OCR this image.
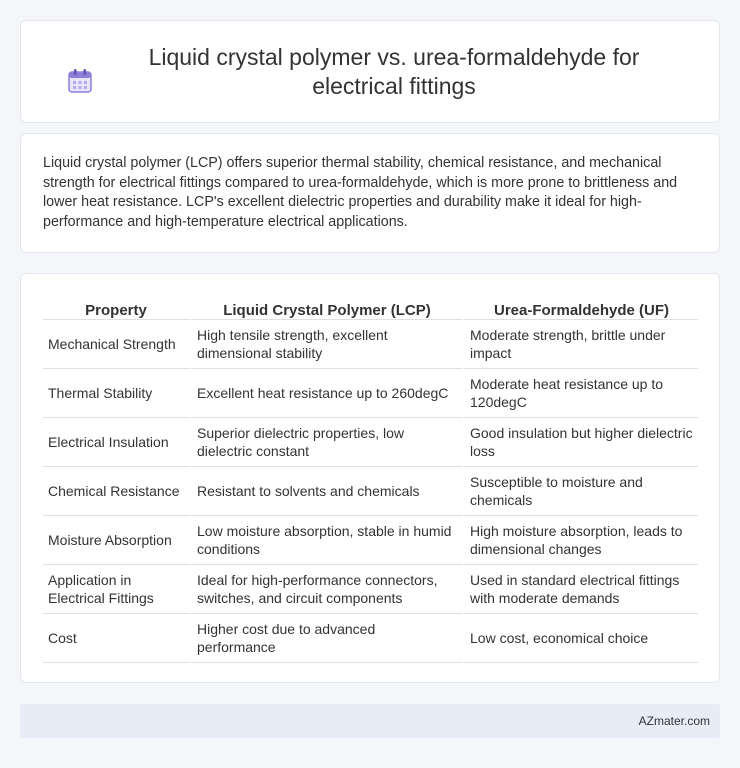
Liquid crystal polymer vs. urea-formaldehyde for electrical fittings

Liquid crystal polymer (LCP) offers superior thermal stability, chemical resistance, and mechanical strength for electrical fittings compared to urea-formaldehyde, which is more prone to brittleness and lower heat resistance. LCP's excellent dielectric properties and durability make it ideal for high-performance and high-temperature electrical applications.

Property	Liquid Crystal Polymer (LCP)	Urea-Formaldehyde (UF)
Mechanical Strength	High tensile strength, excellent dimensional stability	Moderate strength, brittle under impact
Thermal Stability	Excellent heat resistance up to 260degC	Moderate heat resistance up to 120degC
Electrical Insulation	Superior dielectric properties, low dielectric constant	Good insulation but higher dielectric loss
Chemical Resistance	Resistant to solvents and chemicals	Susceptible to moisture and chemicals
Moisture Absorption	Low moisture absorption, stable in humid conditions	High moisture absorption, leads to dimensional changes
Application in Electrical Fittings	Ideal for high-performance connectors, switches, and circuit components	Used in standard electrical fittings with moderate demands
Cost	Higher cost due to advanced performance	Low cost, economical choice
AZmater.com
